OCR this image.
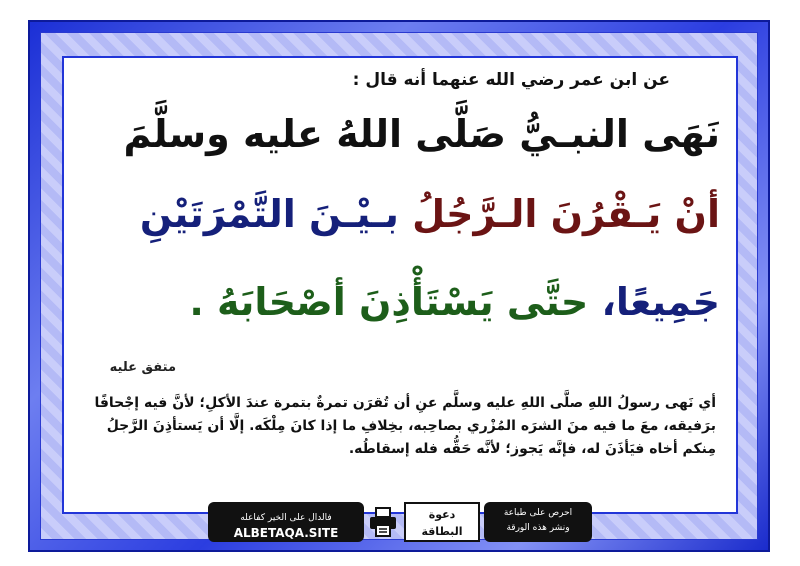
عن ابن عمر رضي الله عنهما أنه قال :
نَهَى النبـيُّ صَلَّى اللهُ عليه وسلَّمَ
أنْ يَـقْرُنَ الـرَّجُلُ بـيْـنَ التَّمْرَتَيْنِ
جَمِيعًا، حتَّى يَسْتَأْذِنَ أصْحَابَهُ .
متفق عليه
أي نَهى رسولُ اللهِ صلَّى اللهِ عليه وسلَّم عنِ أن تُقرَن تمرةٌ بتمرة عندَ الأكلِ؛ لأنَّ فيه إجْحافًا برَفيقه، معَ ما فيه منَ الشرَه المُزْري بصاحِبه، بخِلافِ ما إذا كانَ مِلْكَه. إلَّا أن يَستأذِنَ الرَّجلُ مِنكم أخاه فيَأذَنَ له، فإنَّه يَجوز؛ لأنَّه حَقُّه فله إسقاطُه.
فالدال على الخير كفاعله
ALBETAQA.SITE
دعوة
البطاقة
احرص على طباعة
ونشر هذه الورقة
